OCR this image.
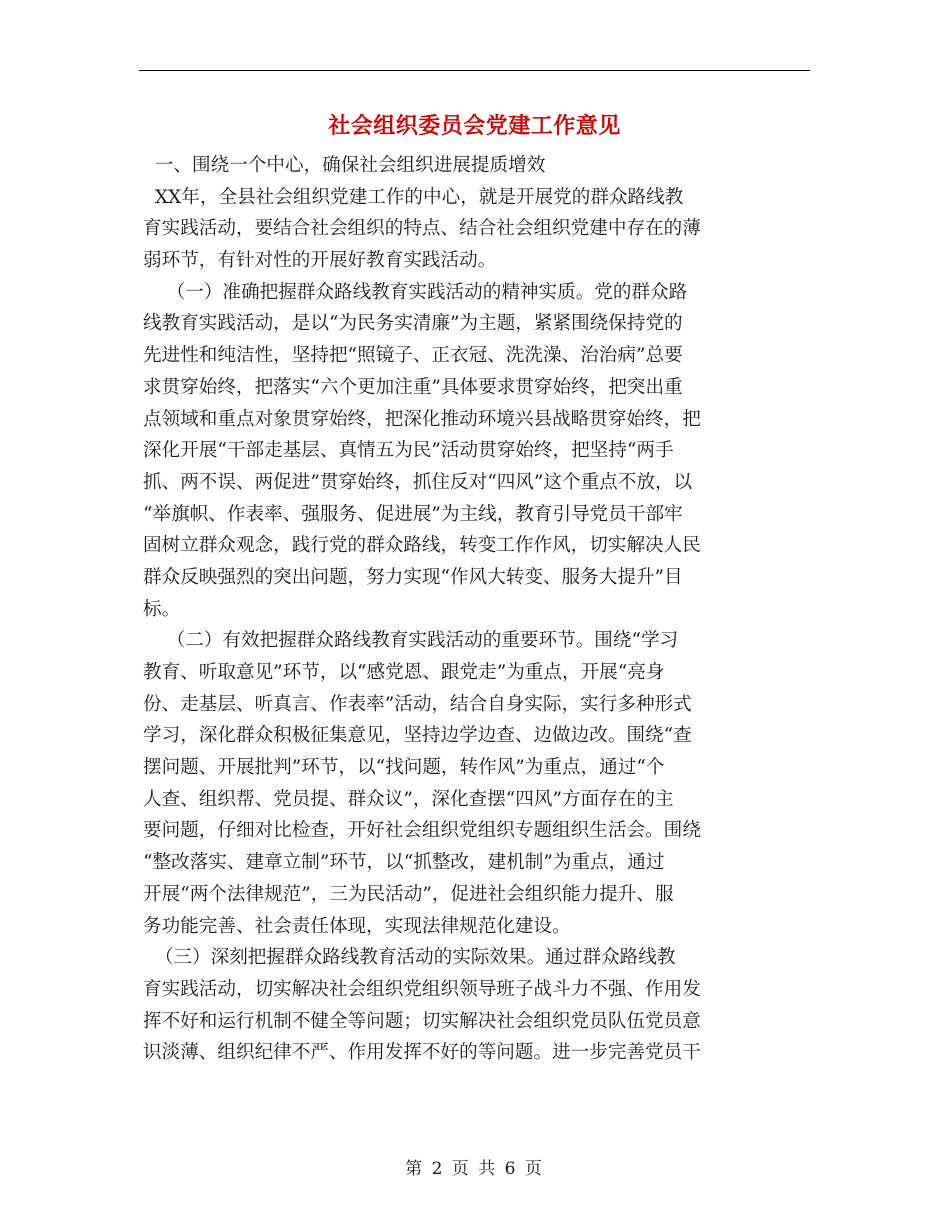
社会组织委员会党建工作意见
一、围绕一个中心，确保社会组织进展提质增效
XX年，全县社会组织党建工作的中心，就是开展党的群众路线教
育实践活动，要结合社会组织的特点、结合社会组织党建中存在的薄
弱环节，有针对性的开展好教育实践活动。
（一）准确把握群众路线教育实践活动的精神实质。党的群众路
线教育实践活动，是以“为民务实清廉”为主题，紧紧围绕保持党的
先进性和纯洁性，坚持把“照镜子、正衣冠、洗洗澡、治治病”总要
求贯穿始终，把落实“六个更加注重”具体要求贯穿始终，把突出重
点领域和重点对象贯穿始终，把深化推动环境兴县战略贯穿始终，把
深化开展“干部走基层、真情五为民”活动贯穿始终，把坚持“两手
抓、两不误、两促进”贯穿始终，抓住反对“四风”这个重点不放，以
“举旗帜、作表率、强服务、促进展”为主线，教育引导党员干部牢
固树立群众观念，践行党的群众路线，转变工作作风，切实解决人民
群众反映强烈的突出问题，努力实现“作风大转变、服务大提升”目
标。
（二）有效把握群众路线教育实践活动的重要环节。围绕“学习
教育、听取意见”环节，以“感党恩、跟党走”为重点，开展“亮身
份、走基层、听真言、作表率”活动，结合自身实际，实行多种形式
学习，深化群众积极征集意见，坚持边学边查、边做边改。围绕“查
摆问题、开展批判”环节，以“找问题，转作风”为重点，通过“个
人查、组织帮、党员提、群众议”，深化查摆“四风”方面存在的主
要问题，仔细对比检查，开好社会组织党组织专题组织生活会。围绕
“整改落实、建章立制”环节，以“抓整改，建机制”为重点，通过
开展“两个法律规范”，三为民活动”，促进社会组织能力提升、服
务功能完善、社会责任体现，实现法律规范化建设。
（三）深刻把握群众路线教育活动的实际效果。通过群众路线教
育实践活动，切实解决社会组织党组织领导班子战斗力不强、作用发
挥不好和运行机制不健全等问题；切实解决社会组织党员队伍党员意
识淡薄、组织纪律不严、作用发挥不好的等问题。进一步完善党员干
第 2 页 共 6 页
